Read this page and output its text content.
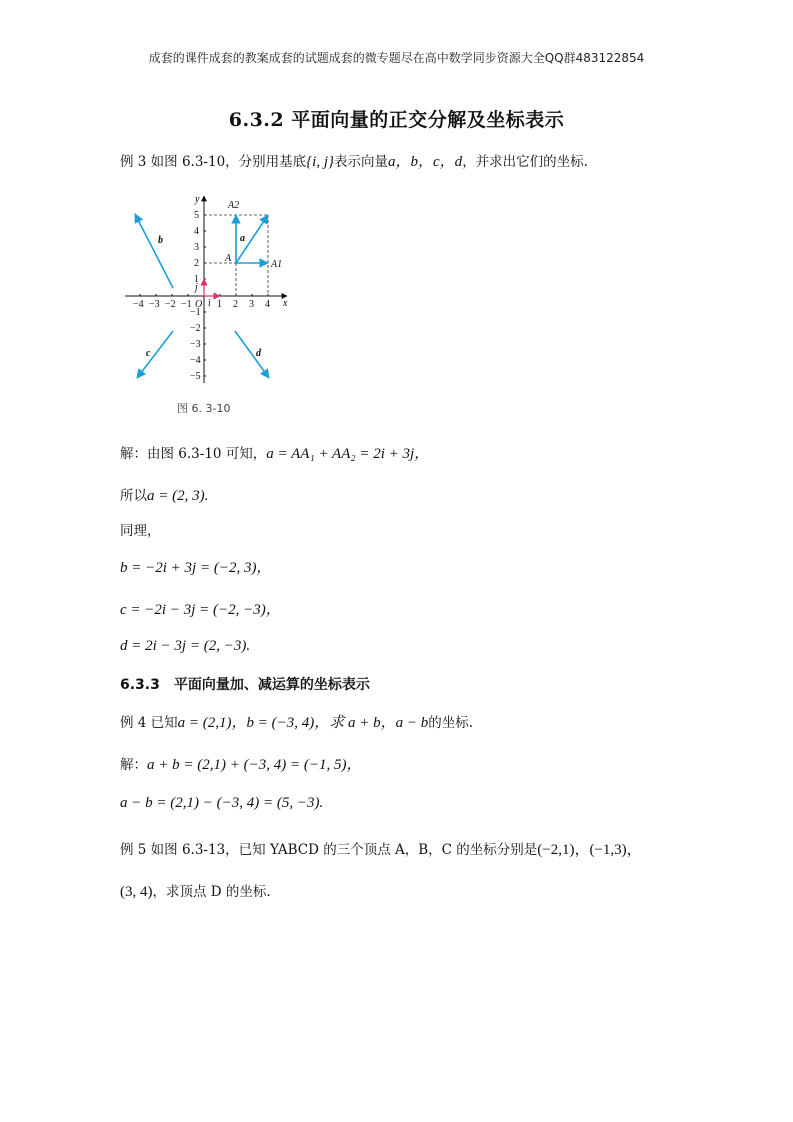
成套的课件成套的教案成套的试题成套的微专题尽在高中数学同步资源大全QQ群483122854
6.3.2 平面向量的正交分解及坐标表示
例 3 如图 6.3-10，分别用基底{i, j}表示向量a，b，c，d，并求出它们的坐标.
x
y
−4 −3 −2 −1 O 1 2 3 4
5
4
3
2
1
−1
−2
−3
−4
−5
A
A1
A2
a
b
c	d
i
j
图 6. 3-10
解：由图 6.3-10 可知，a = AA₁ + AA₂ = 2i + 3j，
所以a = (2, 3).
同理，
b = −2i + 3j = (−2, 3)，
c = −2i − 3j = (−2, −3)，
d = 2i − 3j = (2, −3).
6.3.3　平面向量加、减运算的坐标表示
例 4 已知a = (2,1)，b = (−3, 4)，求 a + b，a − b的坐标.
解：a + b = (2,1) + (−3, 4) = (−1, 5)，
a − b = (2,1) − (−3, 4) = (5, −3).
例 5 如图 6.3-13，已知 YABCD 的三个顶点 A，B，C 的坐标分别是(−2,1)，(−1,3)，
(3, 4)，求顶点 D 的坐标.
